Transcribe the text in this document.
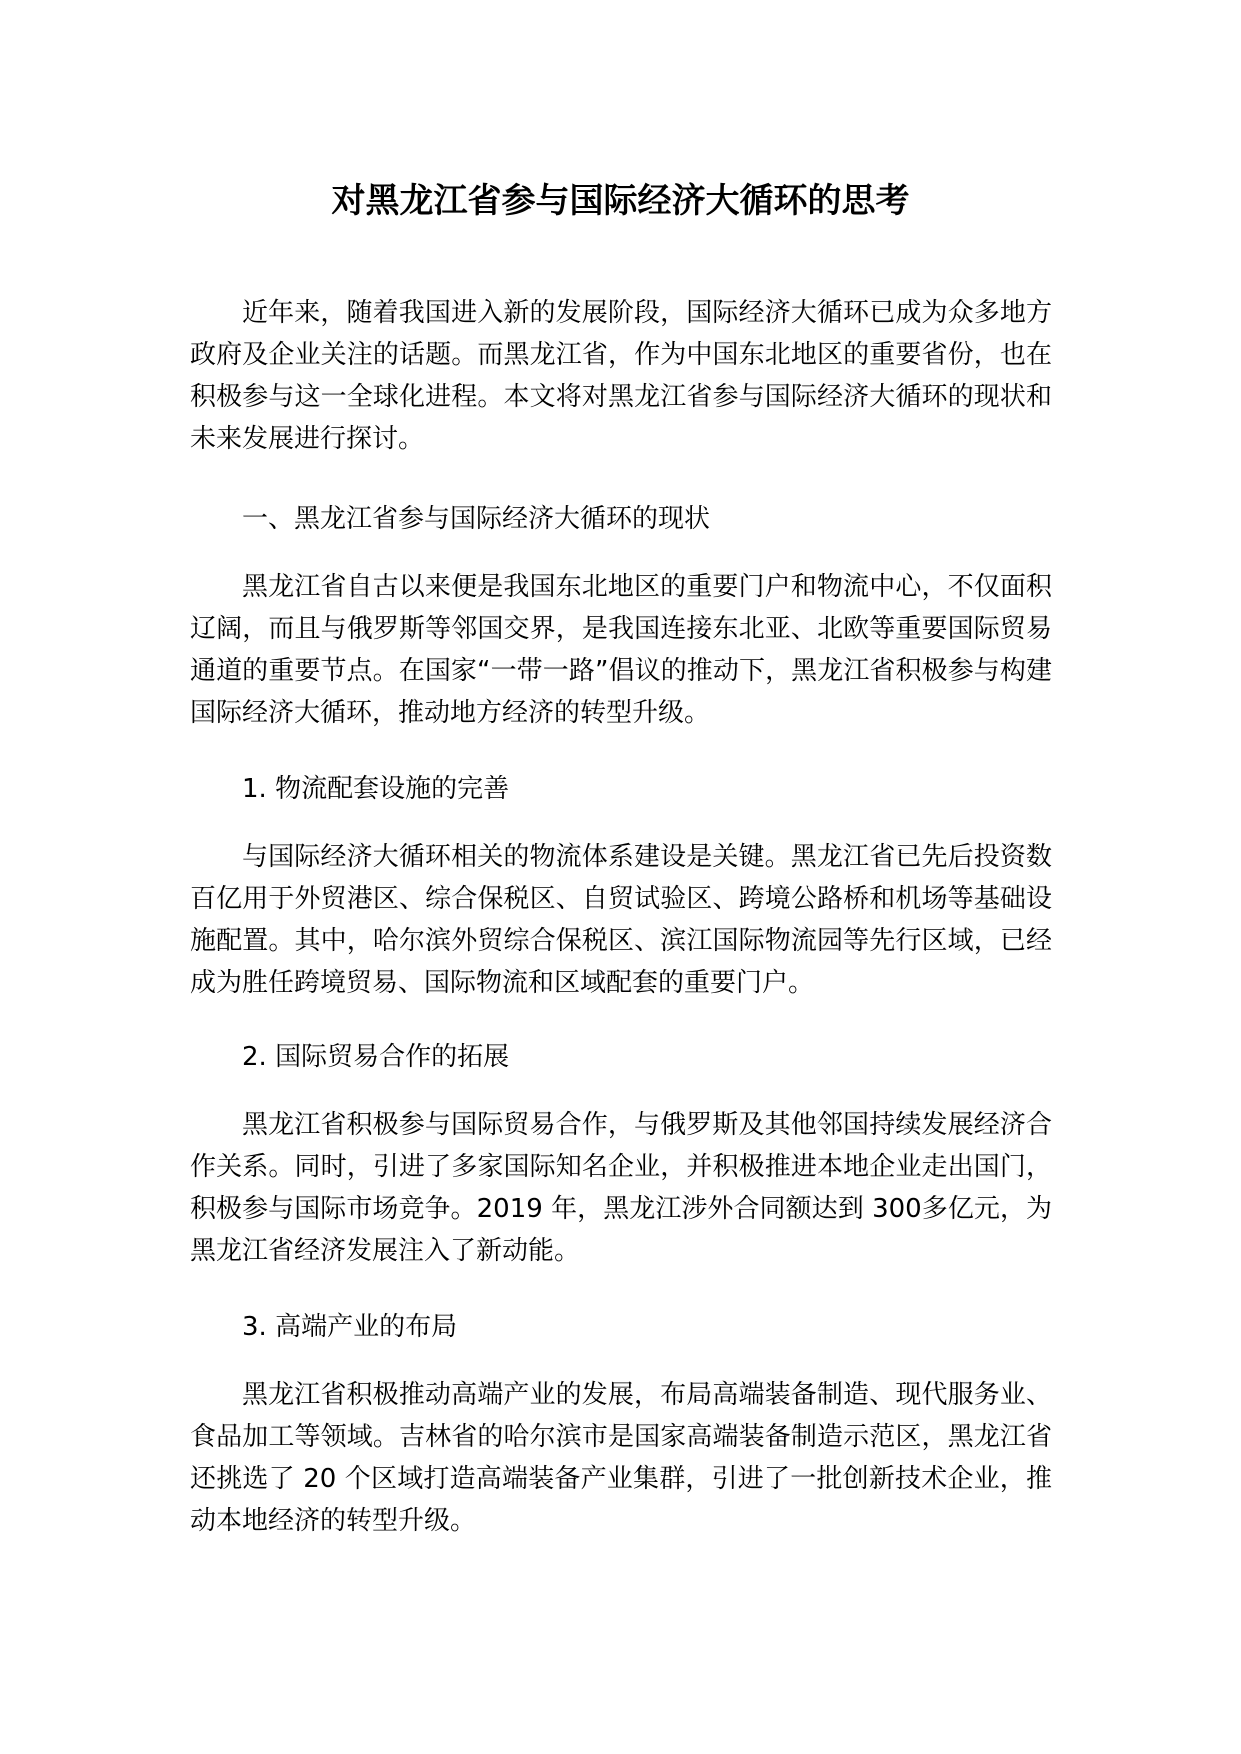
对黑龙江省参与国际经济大循环的思考

近年来，随着我国进入新的发展阶段，国际经济大循环已成为众多地方政府及企业关注的话题。而黑龙江省，作为中国东北地区的重要省份，也在积极参与这一全球化进程。本文将对黑龙江省参与国际经济大循环的现状和未来发展进行探讨。

一、黑龙江省参与国际经济大循环的现状

黑龙江省自古以来便是我国东北地区的重要门户和物流中心，不仅面积辽阔，而且与俄罗斯等邻国交界，是我国连接东北亚、北欧等重要国际贸易通道的重要节点。在国家“一带一路”倡议的推动下，黑龙江省积极参与构建国际经济大循环，推动地方经济的转型升级。

1. 物流配套设施的完善

与国际经济大循环相关的物流体系建设是关键。黑龙江省已先后投资数百亿用于外贸港区、综合保税区、自贸试验区、跨境公路桥和机场等基础设施配置。其中，哈尔滨外贸综合保税区、滨江国际物流园等先行区域，已经成为胜任跨境贸易、国际物流和区域配套的重要门户。

2. 国际贸易合作的拓展

黑龙江省积极参与国际贸易合作，与俄罗斯及其他邻国持续发展经济合作关系。同时，引进了多家国际知名企业，并积极推进本地企业走出国门，积极参与国际市场竞争。2019 年，黑龙江涉外合同额达到 300多亿元，为黑龙江省经济发展注入了新动能。

3. 高端产业的布局

黑龙江省积极推动高端产业的发展，布局高端装备制造、现代服务业、食品加工等领域。吉林省的哈尔滨市是国家高端装备制造示范区，黑龙江省还挑选了 20 个区域打造高端装备产业集群，引进了一批创新技术企业，推动本地经济的转型升级。
